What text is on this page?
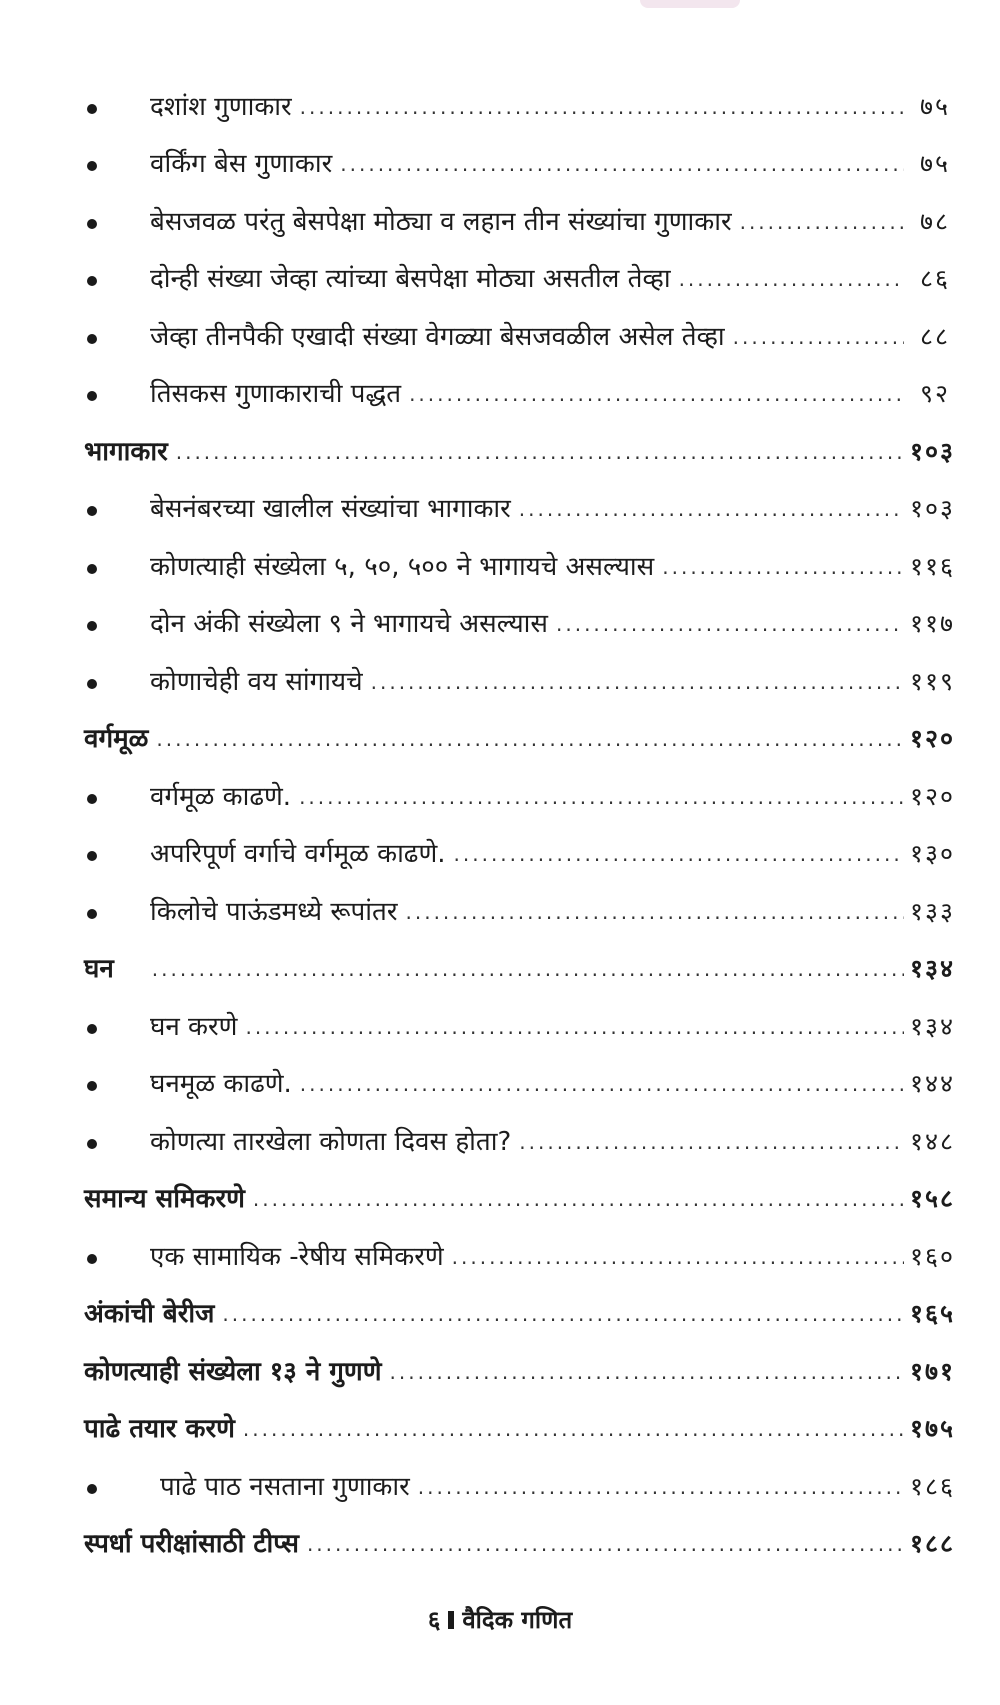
दशांश गुणाकार .....	७५
वर्किंग बेस गुणाकार .....	७५
बेसजवळ परंतु बेसपेक्षा मोठ्या व लहान तीन संख्यांचा गुणाकार .....	७८
दोन्ही संख्या जेव्हा त्यांच्या बेसपेक्षा मोठ्या असतील तेव्हा .....	८६
जेव्हा तीनपैकी एखादी संख्या वेगळ्या बेसजवळील असेल तेव्हा .....	८८
तिसकस गुणाकाराची पद्धत .....	९२
भागाकार .....	१०३
बेसनंबरच्या खालील संख्यांचा भागाकार .....	१०३
कोणत्याही संख्येला ५, ५०, ५०० ने भागायचे असल्यास .....	११६
दोन अंकी संख्येला ९ ने भागायचे असल्यास .....	११७
कोणाचेही वय सांगायचे .....	११९
वर्गमूळ .....	१२०
वर्गमूळ काढणे. .....	१२०
अपरिपूर्ण वर्गाचे वर्गमूळ काढणे. .....	१३०
किलोचे पाऊंडमध्ये रूपांतर .....	१३३
घन .....	१३४
घन करणे .....	१३४
घनमूळ काढणे. .....	१४४
कोणत्या तारखेला कोणता दिवस होता? .....	१४८
समान्य समिकरणे .....	१५८
एक सामायिक -रेषीय समिकरणे .....	१६०
अंकांची बेरीज .....	१६५
कोणत्याही संख्येला १३ ने गुणणे .....	१७१
पाढे तयार करणे .....	१७५
पाढे पाठ नसताना गुणाकार .....	१८६
स्पर्धा परीक्षांसाठी टीप्स .....	१८८
६ वैदिक गणित
